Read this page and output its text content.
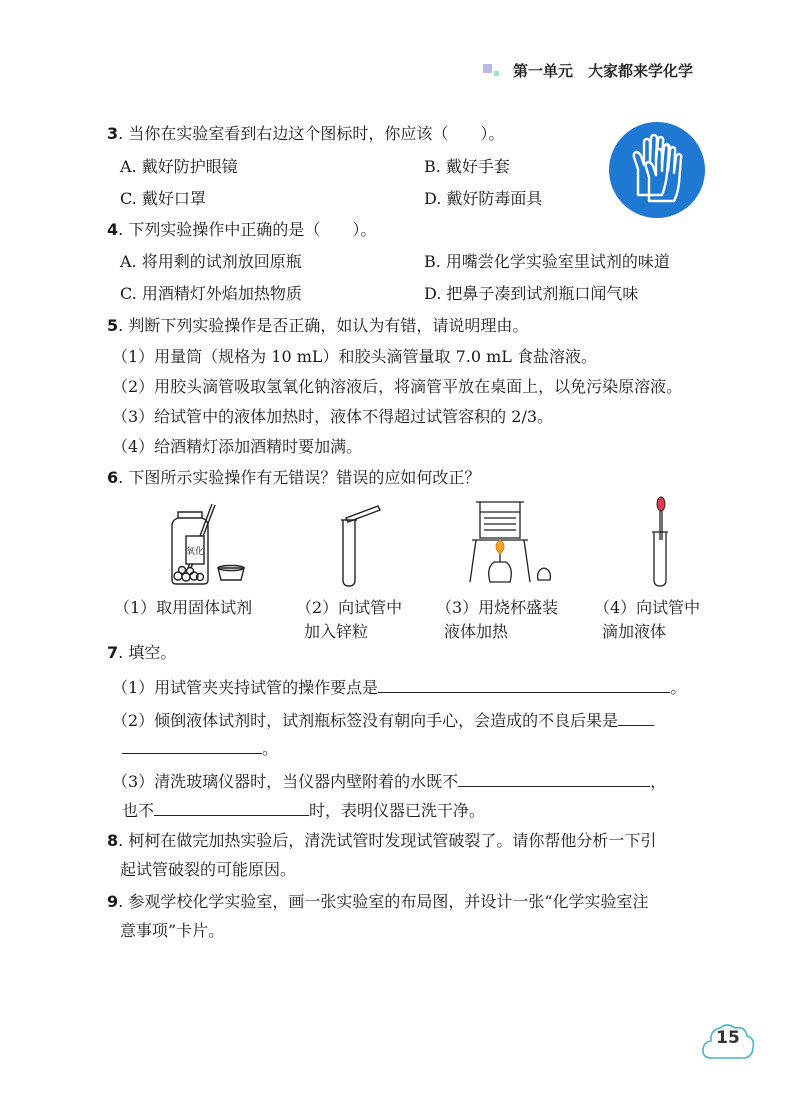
第一单元　大家都来学化学
3. 当你在实验室看到右边这个图标时，你应该（　　）。
A. 戴好防护眼镜	B. 戴好手套
C. 戴好口罩	D. 戴好防毒面具
4. 下列实验操作中正确的是（　　）。
A. 将用剩的试剂放回原瓶	B. 用嘴尝化学实验室里试剂的味道
C. 用酒精灯外焰加热物质	D. 把鼻子凑到试剂瓶口闻气味
5. 判断下列实验操作是否正确，如认为有错，请说明理由。
（1）用量筒（规格为 10 mL）和胶头滴管量取 7.0 mL 食盐溶液。
（2）用胶头滴管吸取氢氧化钠溶液后，将滴管平放在桌面上，以免污染原溶液。
（3）给试管中的液体加热时，液体不得超过试管容积的 2/3。
（4）给酒精灯添加酒精时要加满。
6. 下图所示实验操作有无错误？错误的应如何改正？
氧化
（1）取用固体试剂	（2）向试管中
加入锌粒
（3）用烧杯盛装
液体加热
（4）向试管中
滴加液体
7. 填空。
（1）用试管夹夹持试管的操作要点是	。
（2）倾倒液体试剂时，试剂瓶标签没有朝向手心，会造成的不良后果是
。
（3）清洗玻璃仪器时，当仪器内壁附着的水既不	，
也不	时，表明仪器已洗干净。
8. 柯柯在做完加热实验后，清洗试管时发现试管破裂了。请你帮他分析一下引
起试管破裂的可能原因。
9. 参观学校化学实验室，画一张实验室的布局图，并设计一张“化学实验室注
意事项”卡片。
15
